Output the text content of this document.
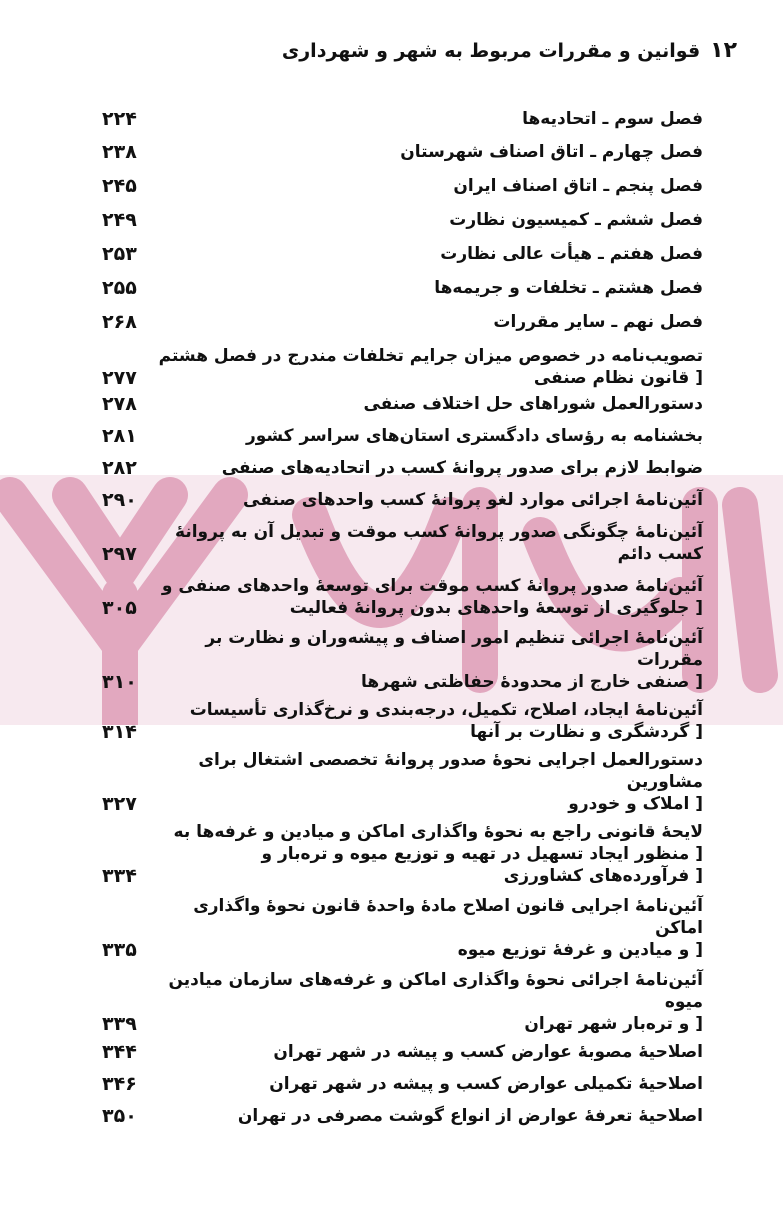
۱۲
قوانین و مقررات مربوط به شهر و شهرداری
فصل سوم ـ اتحادیه‌ها
۲۲۴
فصل چهارم ـ اتاق اصناف شهرستان
۲۳۸
فصل پنجم ـ اتاق اصناف ایران
۲۴۵
فصل ششم ـ کمیسیون نظارت
۲۴۹
فصل هفتم ـ هیأت عالی نظارت
۲۵۳
فصل هشتم ـ تخلفات و جریمه‌ها
۲۵۵
فصل نهم ـ سایر مقررات
۲۶۸
تصویب‌نامه در خصوص میزان جرایم تخلفات مندرج در فصل هشتم
[ قانون نظام صنفی
۲۷۷
دستورالعمل شوراهای حل اختلاف صنفی
۲۷۸
بخشنامه به رؤسای دادگستری استان‌های سراسر کشور
۲۸۱
ضوابط لازم برای صدور پروانهٔ کسب در اتحادیه‌های صنفی
۲۸۲
آئین‌نامهٔ اجرائی موارد لغو پروانهٔ کسب واحدهای صنفی
۲۹۰
آئین‌نامهٔ چگونگی صدور پروانهٔ کسب موقت و تبدیل آن به پروانهٔ کسب دائم
۲۹۷
آئین‌نامهٔ صدور پروانهٔ کسب موقت برای توسعهٔ واحدهای صنفی و
[ جلوگیری از توسعهٔ واحدهای بدون پروانهٔ فعالیت
۳۰۵
آئین‌نامهٔ اجرائی تنظیم امور اصناف و پیشه‌وران و نظارت بر مقررات
[ صنفی خارج از محدودهٔ حفاظتی شهرها
۳۱۰
آئین‌نامهٔ ایجاد، اصلاح، تکمیل، درجه‌بندی و نرخ‌گذاری تأسیسات
[ گردشگری و نظارت بر آنها
۳۱۴
دستورالعمل اجرایی نحوهٔ صدور پروانهٔ تخصصی اشتغال برای مشاورین
[ املاک و خودرو
۳۲۷
لایحهٔ قانونی راجع به نحوهٔ واگذاری اماکن و میادین و غرفه‌ها به
[ منظور ایجاد تسهیل در تهیه و توزیع میوه و تره‌بار و
[ فرآورده‌های کشاورزی
۳۳۴
آئین‌نامهٔ اجرایی قانون اصلاح مادهٔ واحدهٔ قانون نحوهٔ واگذاری اماکن
[ و میادین و غرفهٔ توزیع میوه
۳۳۵
آئین‌نامهٔ اجرائی نحوهٔ واگذاری اماکن و غرفه‌های سازمان میادین میوه
[ و تره‌بار شهر تهران
۳۳۹
اصلاحیهٔ مصوبهٔ عوارض کسب و پیشه در شهر تهران
۳۴۴
اصلاحیهٔ تکمیلی عوارض کسب و پیشه در شهر تهران
۳۴۶
اصلاحیهٔ تعرفهٔ عوارض از انواع گوشت مصرفی در تهران
۳۵۰
